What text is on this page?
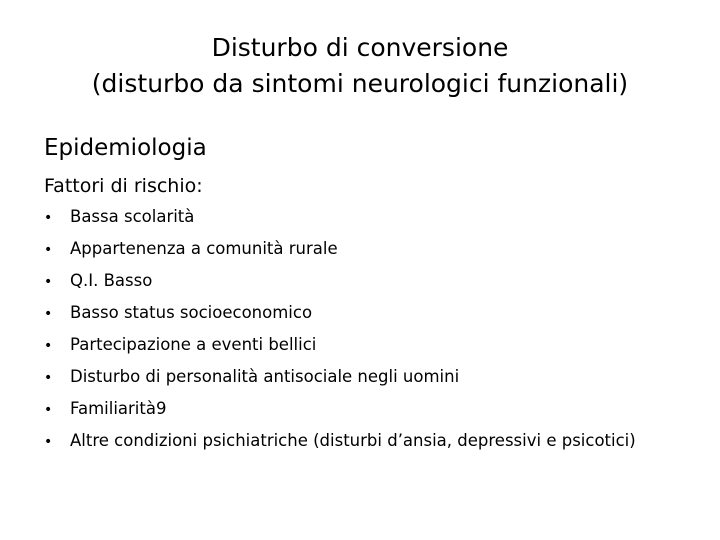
Disturbo di conversione
(disturbo da sintomi neurologici funzionali)
Epidemiologia
Fattori di rischio:
•	Bassa scolarità
•	Appartenenza a comunità rurale
•	Q.I. Basso
•	Basso status socioeconomico
•	Partecipazione a eventi bellici
•	Disturbo di personalità antisociale negli uomini
•	Familiarità9
•	Altre condizioni psichiatriche (disturbi d’ansia, depressivi e psicotici)
